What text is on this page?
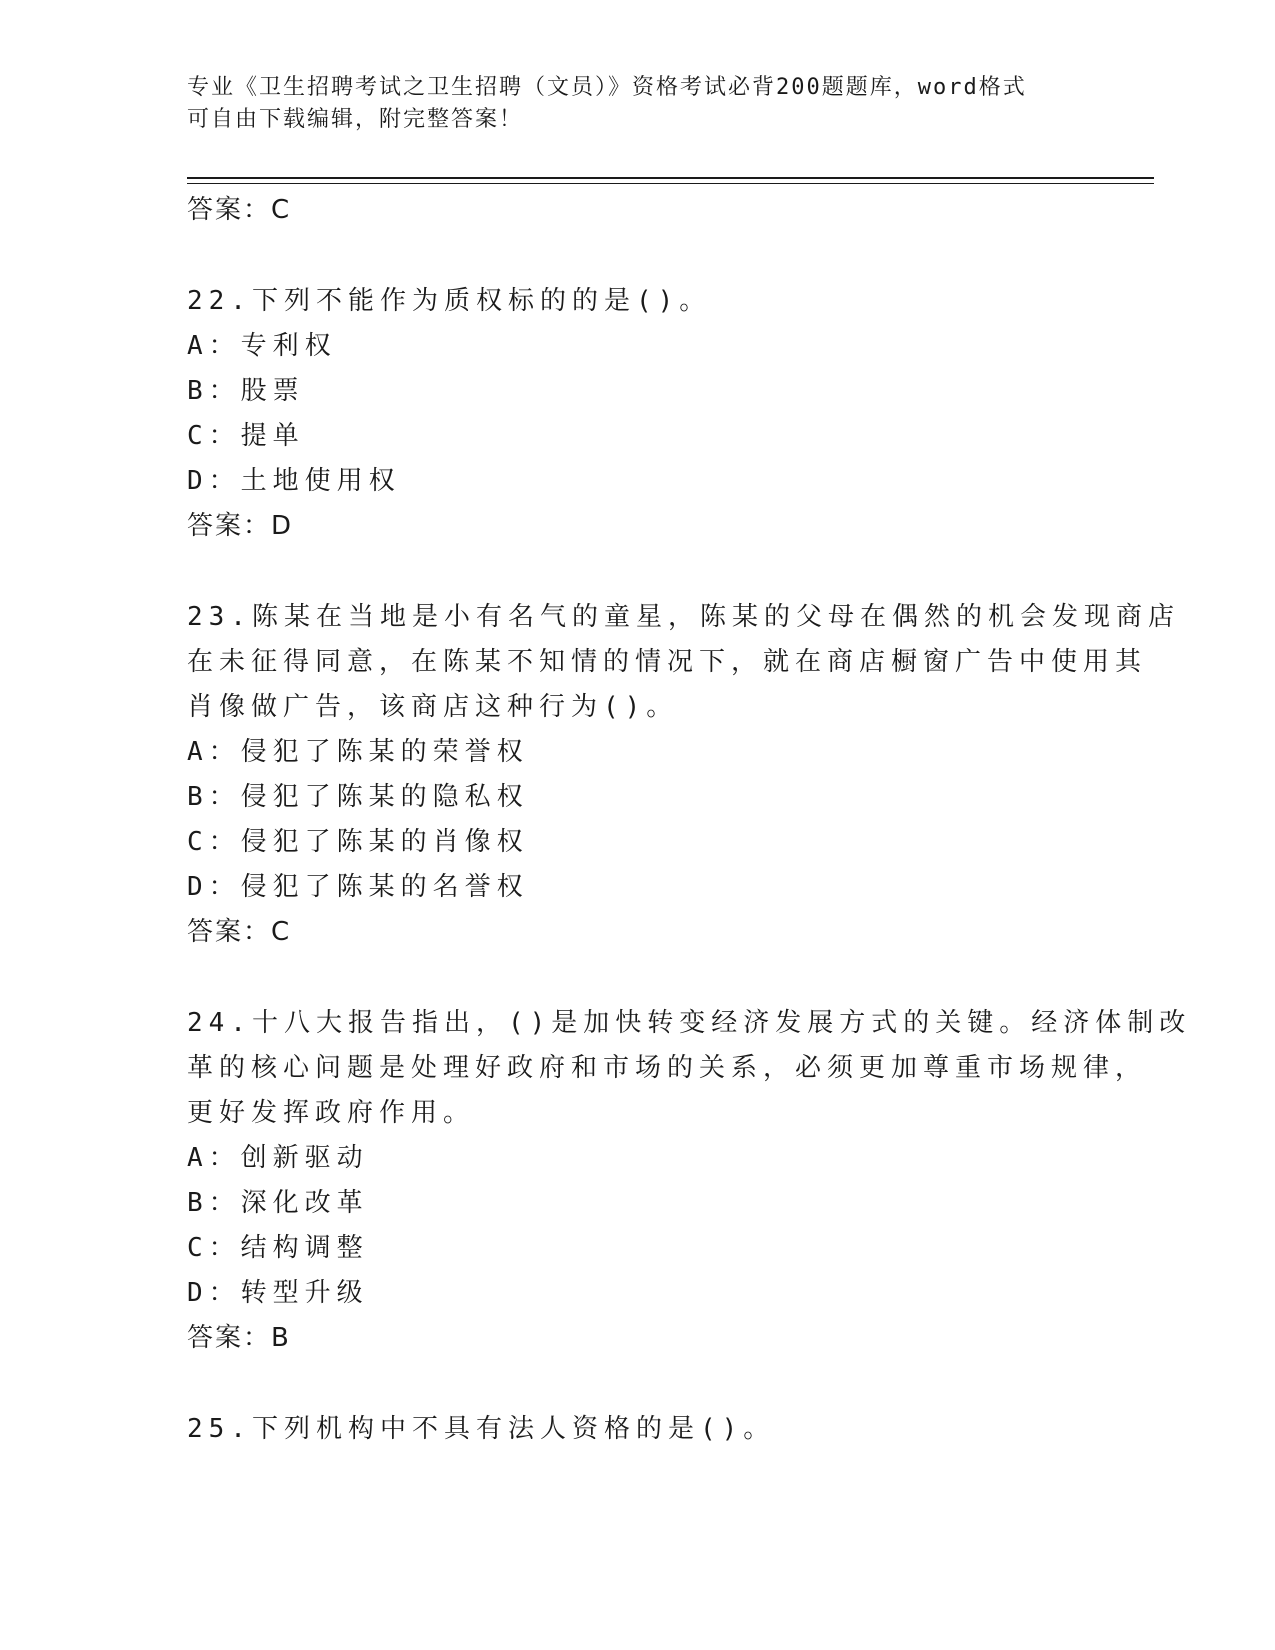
专业《卫生招聘考试之卫生招聘（文员）》资格考试必背200题题库，word格式
可自由下载编辑，附完整答案！
答案：C
22.下列不能作为质权标的的是()。
A：专利权
B：股票
C：提单
D：土地使用权
答案：D
23.陈某在当地是小有名气的童星，陈某的父母在偶然的机会发现商店
在未征得同意，在陈某不知情的情况下，就在商店橱窗广告中使用其
肖像做广告，该商店这种行为()。
A：侵犯了陈某的荣誉权
B：侵犯了陈某的隐私权
C：侵犯了陈某的肖像权
D：侵犯了陈某的名誉权
答案：C
24.十八大报告指出，()是加快转变经济发展方式的关键。经济体制改
革的核心问题是处理好政府和市场的关系，必须更加尊重市场规律，
更好发挥政府作用。
A：创新驱动
B：深化改革
C：结构调整
D：转型升级
答案：B
25.下列机构中不具有法人资格的是()。
